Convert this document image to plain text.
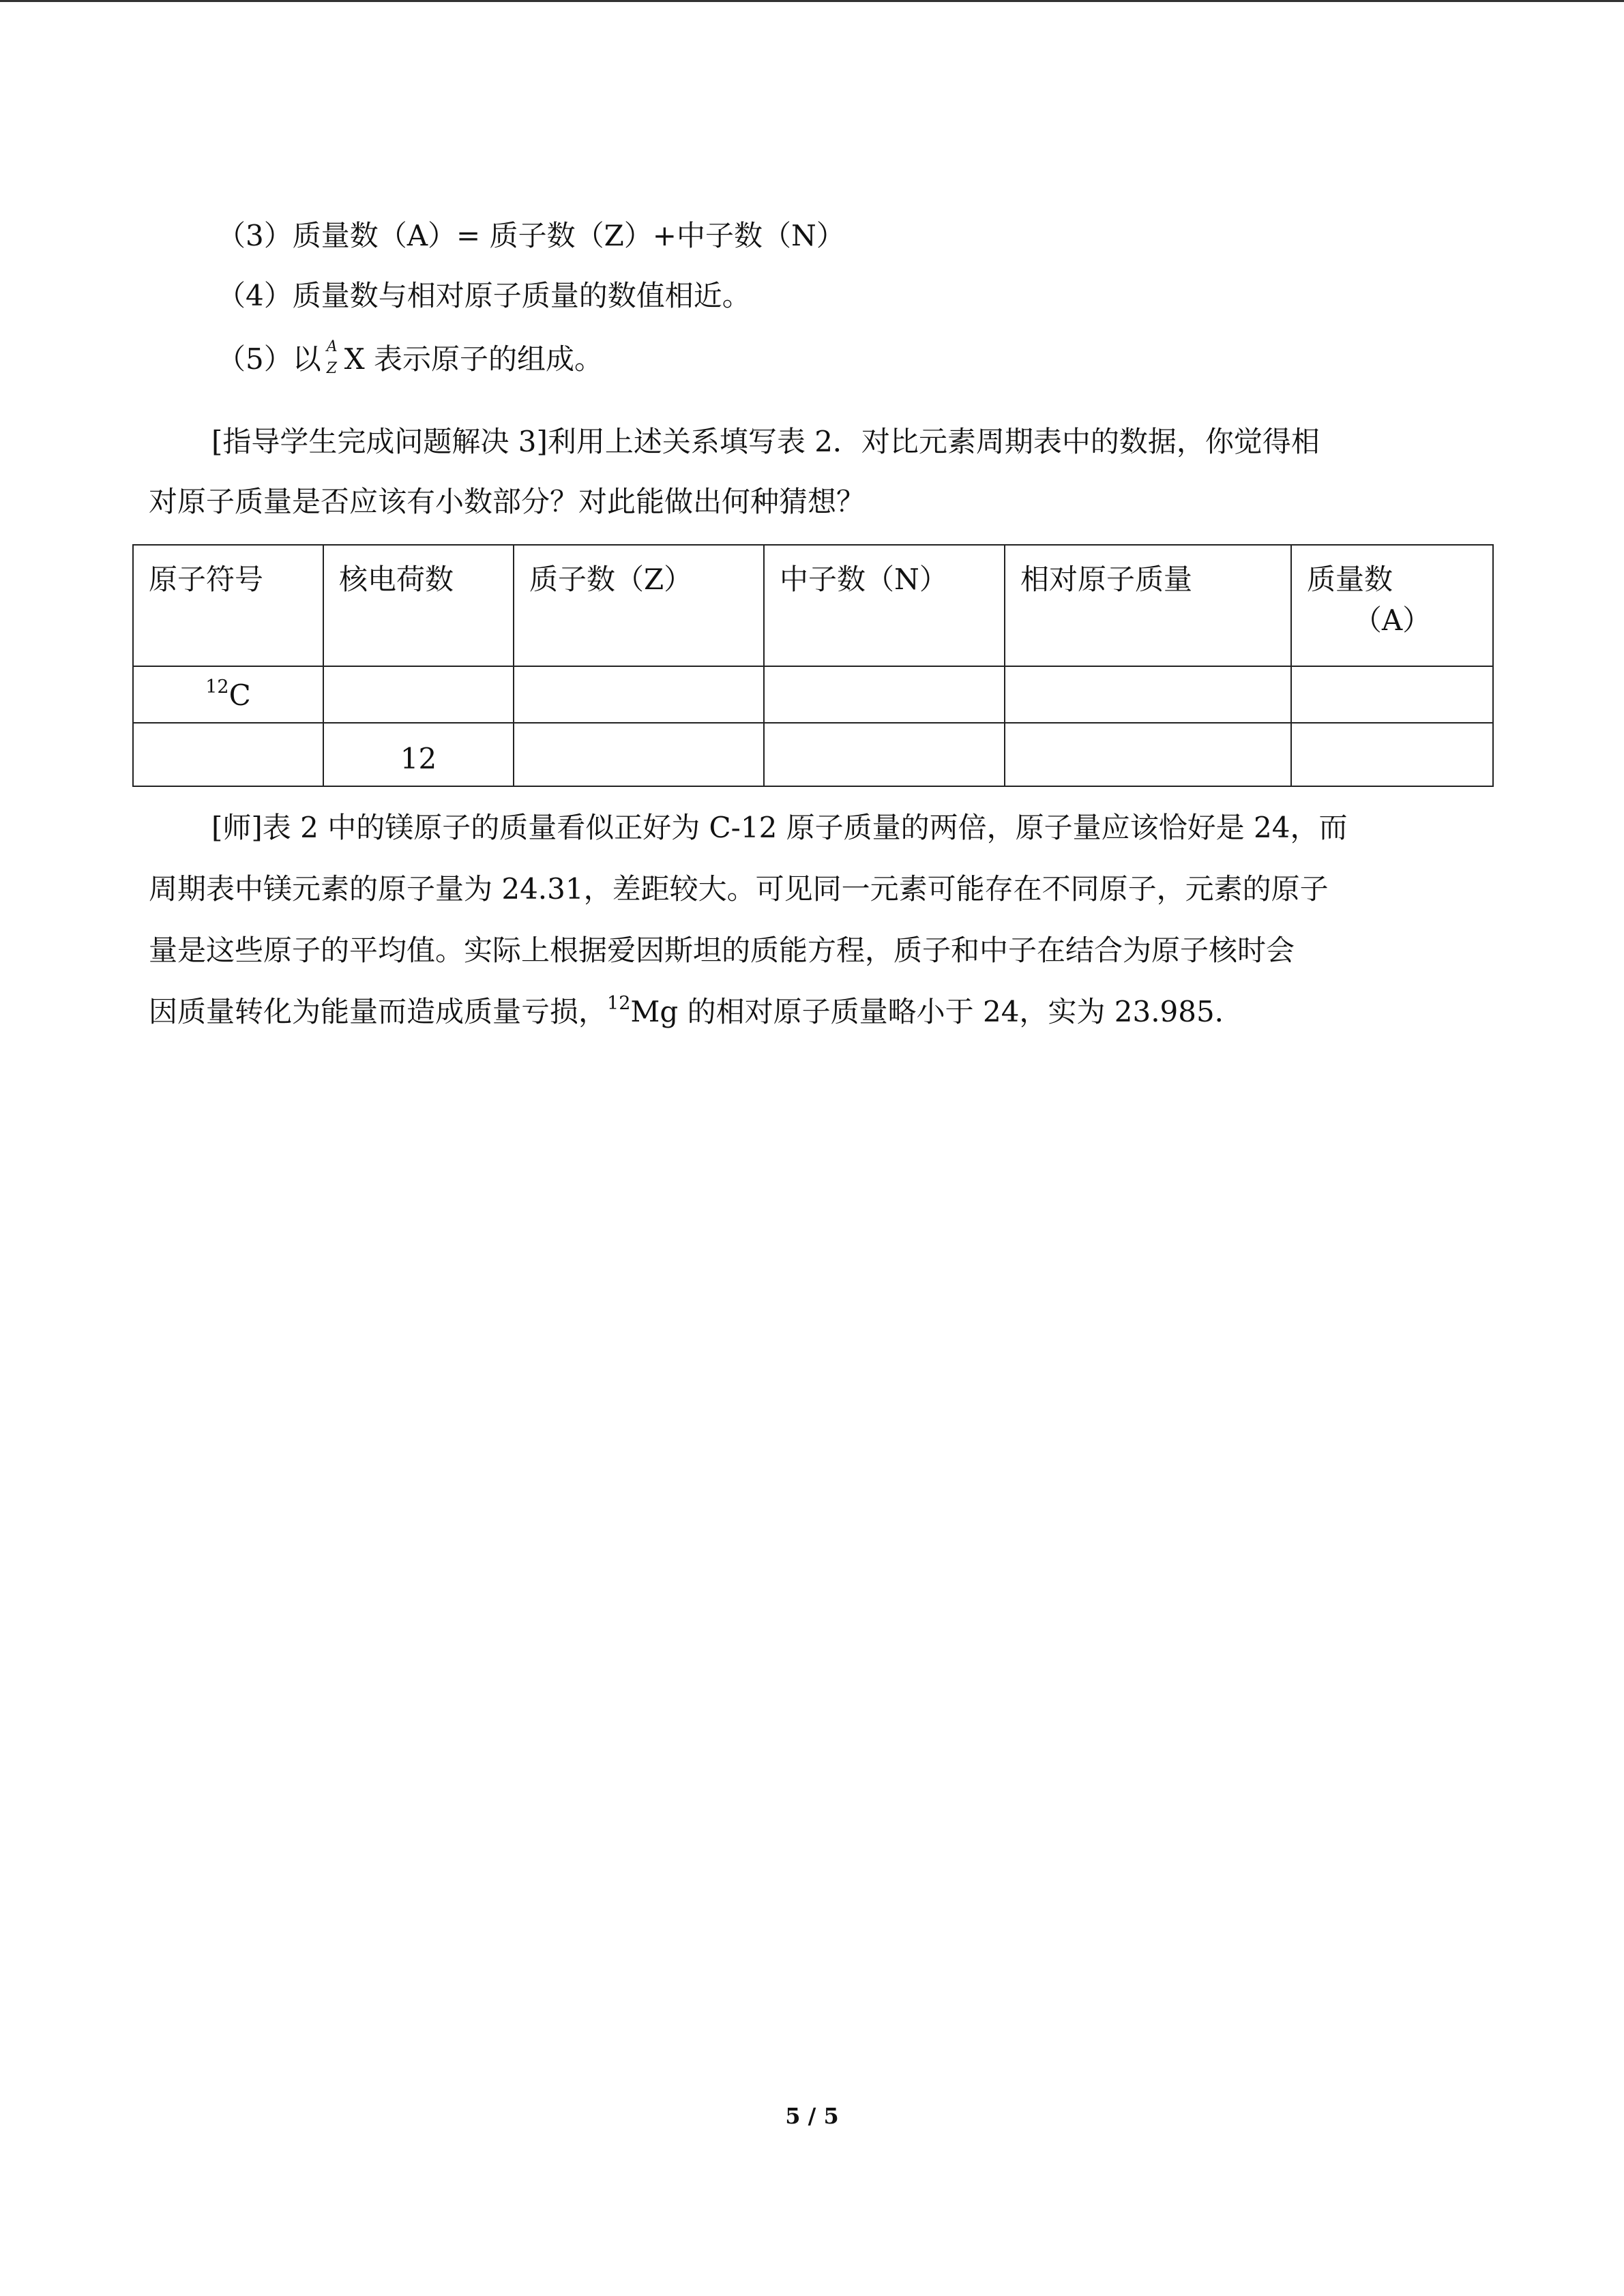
（3）质量数（A）= 质子数（Z）+中子数（N）
（4）质量数与相对原子质量的数值相近。
（5）以 A
Z X 表示原子的组成。
[指导学生完成问题解决 3]利用上述关系填写表 2．对比元素周期表中的数据，你觉得相
对原子质量是否应该有小数部分？对此能做出何种猜想？
原子符号	核电荷数	质子数（Z）	中子数（N）	相对原子质量	质量数
（A）

$^{12}$C					
	12				
[师]表 2 中的镁原子的质量看似正好为 C-12 原子质量的两倍，原子量应该恰好是 24，而
周期表中镁元素的原子量为 24.31，差距较大。可见同一元素可能存在不同原子，元素的原子
量是这些原子的平均值。实际上根据爱因斯坦的质能方程，质子和中子在结合为原子核时会
因质量转化为能量而造成质量亏损，$^{12}$Mg 的相对原子质量略小于 24，实为 23.985．
5 / 5
